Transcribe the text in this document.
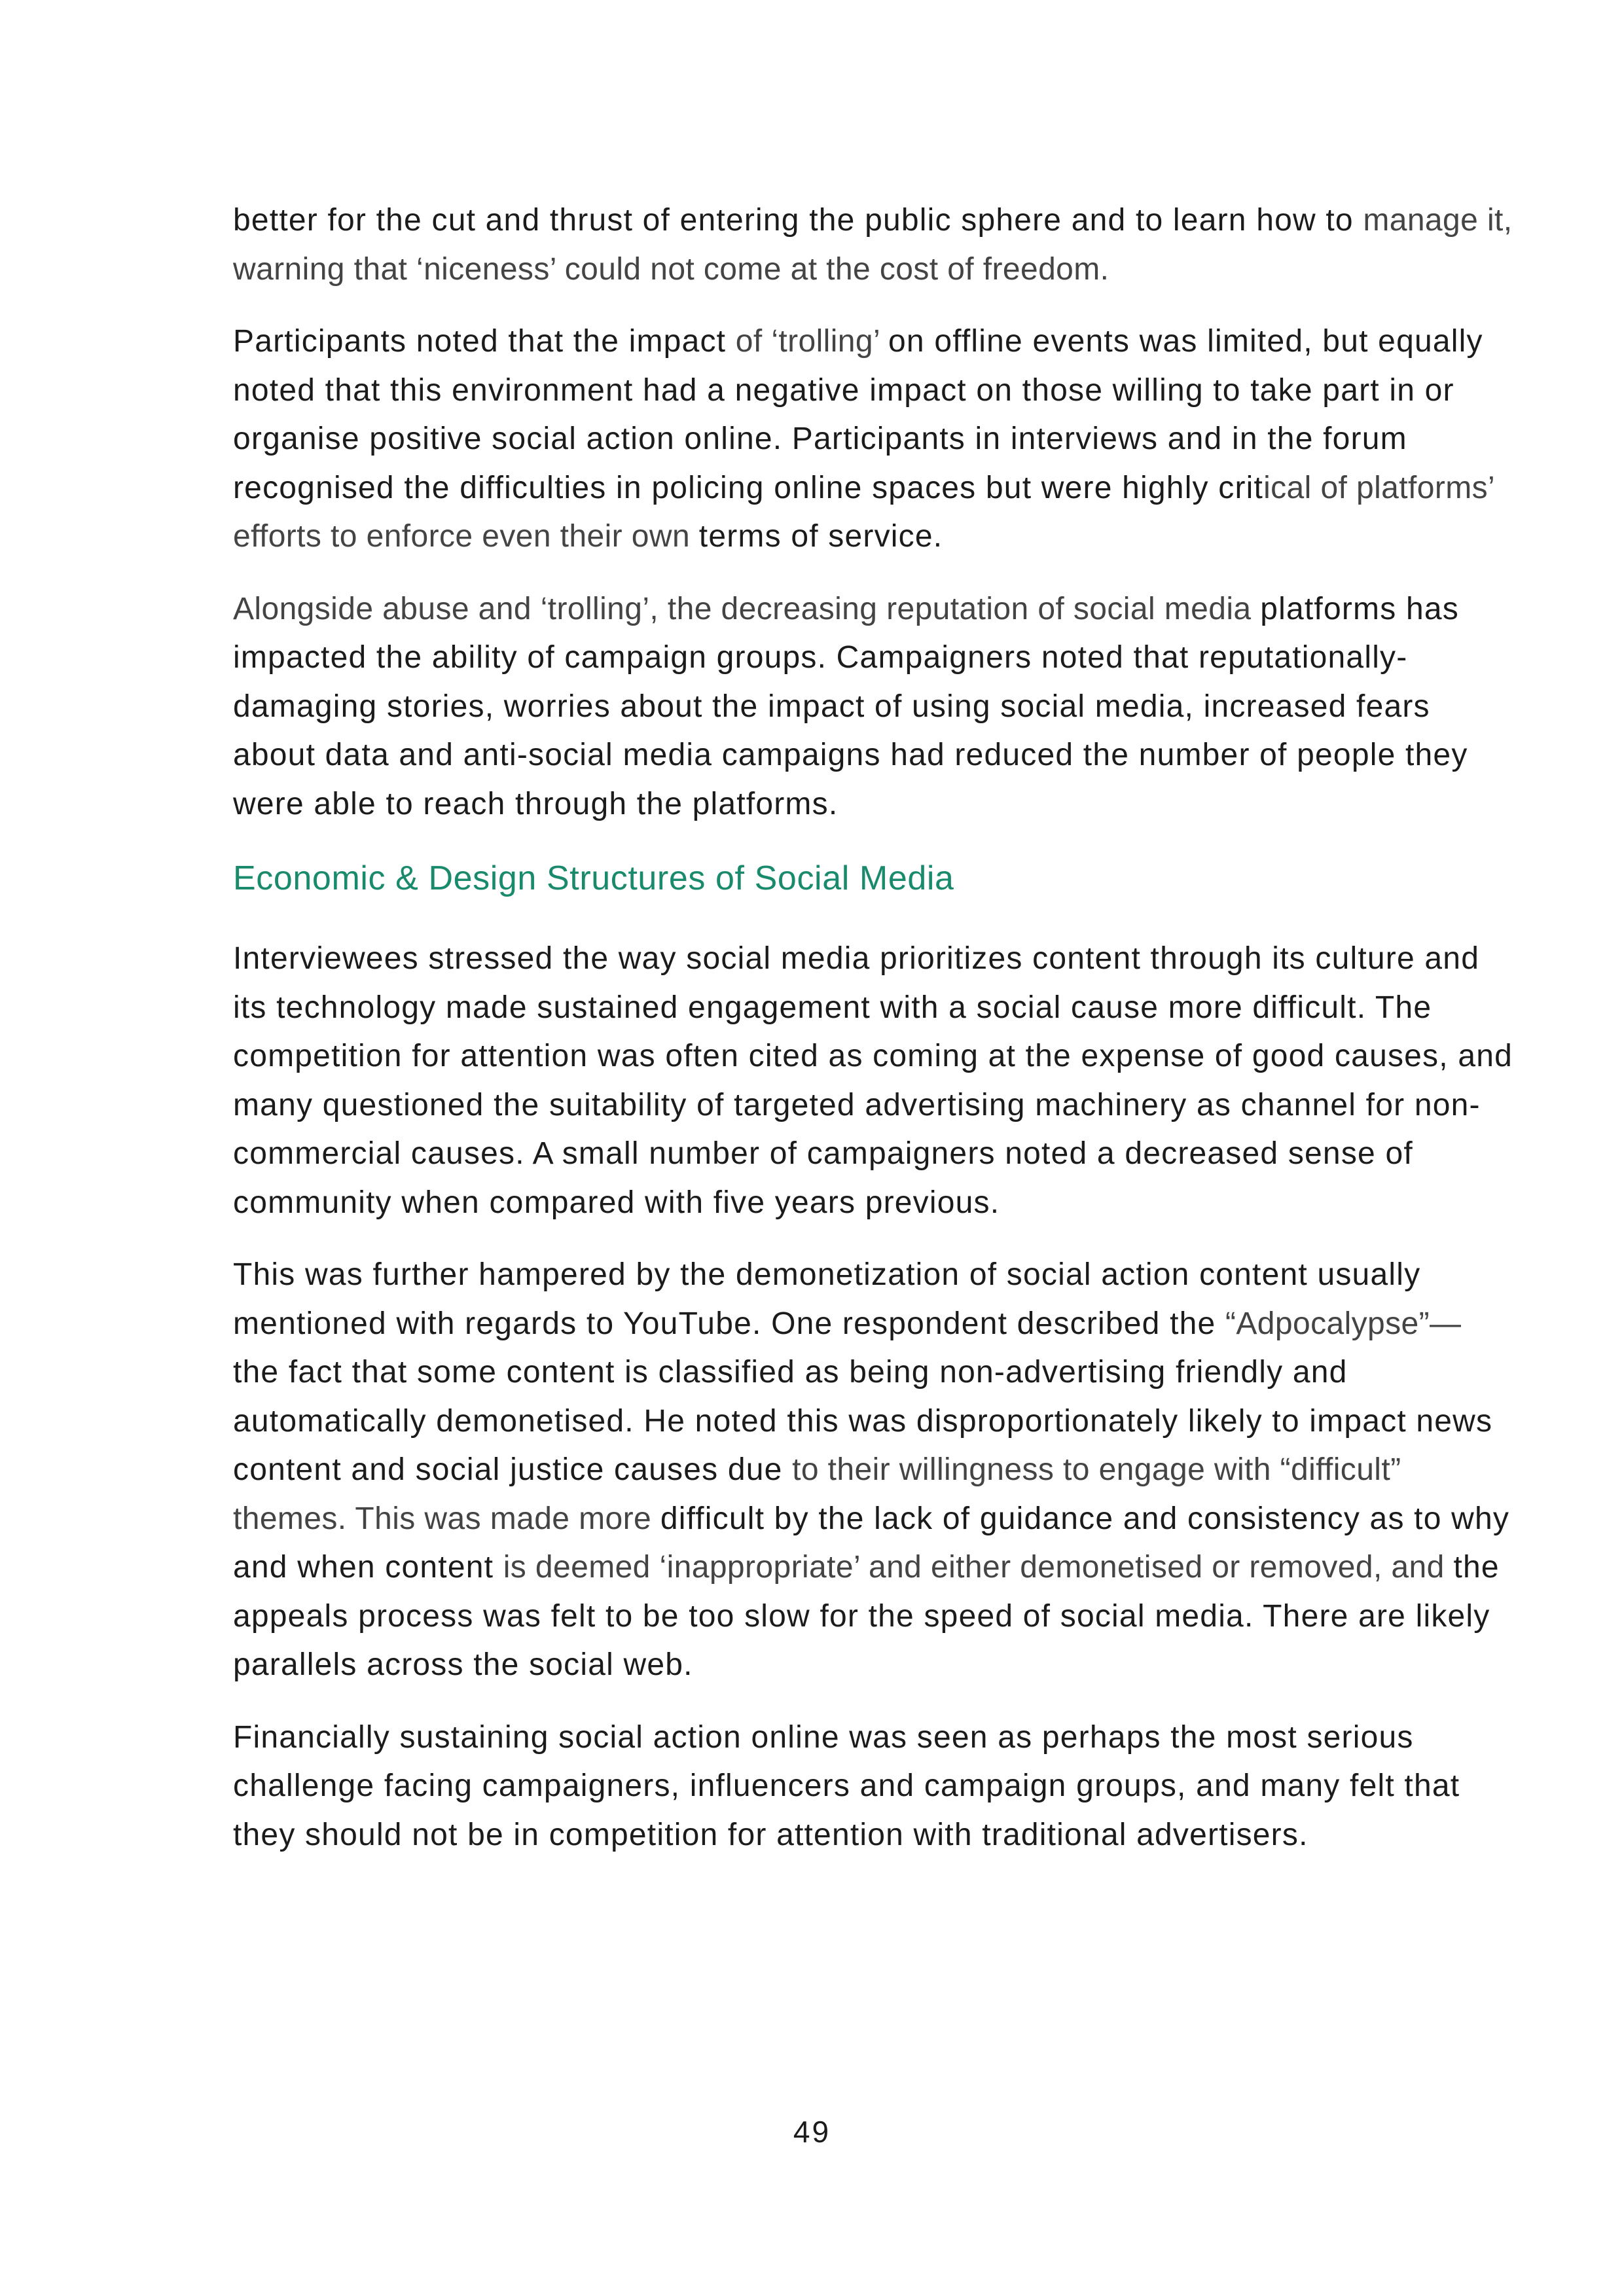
better for the cut and thrust of entering the public sphere and to learn how to manage it, warning that ‘niceness’ could not come at the cost of freedom.

Participants noted that the impact of ‘trolling’ on offline events was limited, but equally noted that this environment had a negative impact on those willing to take part in or organise positive social action online. Participants in interviews and in the forum recognised the difficulties in policing online spaces but were highly critical of platforms’ efforts to enforce even their own terms of service.

Alongside abuse and ‘trolling’, the decreasing reputation of social media platforms has impacted the ability of campaign groups. Campaigners noted that reputationally-damaging stories, worries about the impact of using social media, increased fears about data and anti-social media campaigns had reduced the number of people they were able to reach through the platforms.

Economic & Design Structures of Social Media

Interviewees stressed the way social media prioritizes content through its culture and its technology made sustained engagement with a social cause more difficult. The competition for attention was often cited as coming at the expense of good causes, and many questioned the suitability of targeted advertising machinery as channel for non-commercial causes. A small number of campaigners noted a decreased sense of community when compared with five years previous.

This was further hampered by the demonetization of social action content usually mentioned with regards to YouTube. One respondent described the “Adpocalypse”— the fact that some content is classified as being non-advertising friendly and automatically demonetised. He noted this was disproportionately likely to impact news content and social justice causes due to their willingness to engage with “difficult” themes. This was made more difficult by the lack of guidance and consistency as to why and when content is deemed ‘inappropriate’ and either demonetised or removed, and the appeals process was felt to be too slow for the speed of social media. There are likely parallels across the social web.

Financially sustaining social action online was seen as perhaps the most serious challenge facing campaigners, influencers and campaign groups, and many felt that they should not be in competition for attention with traditional advertisers.

49
